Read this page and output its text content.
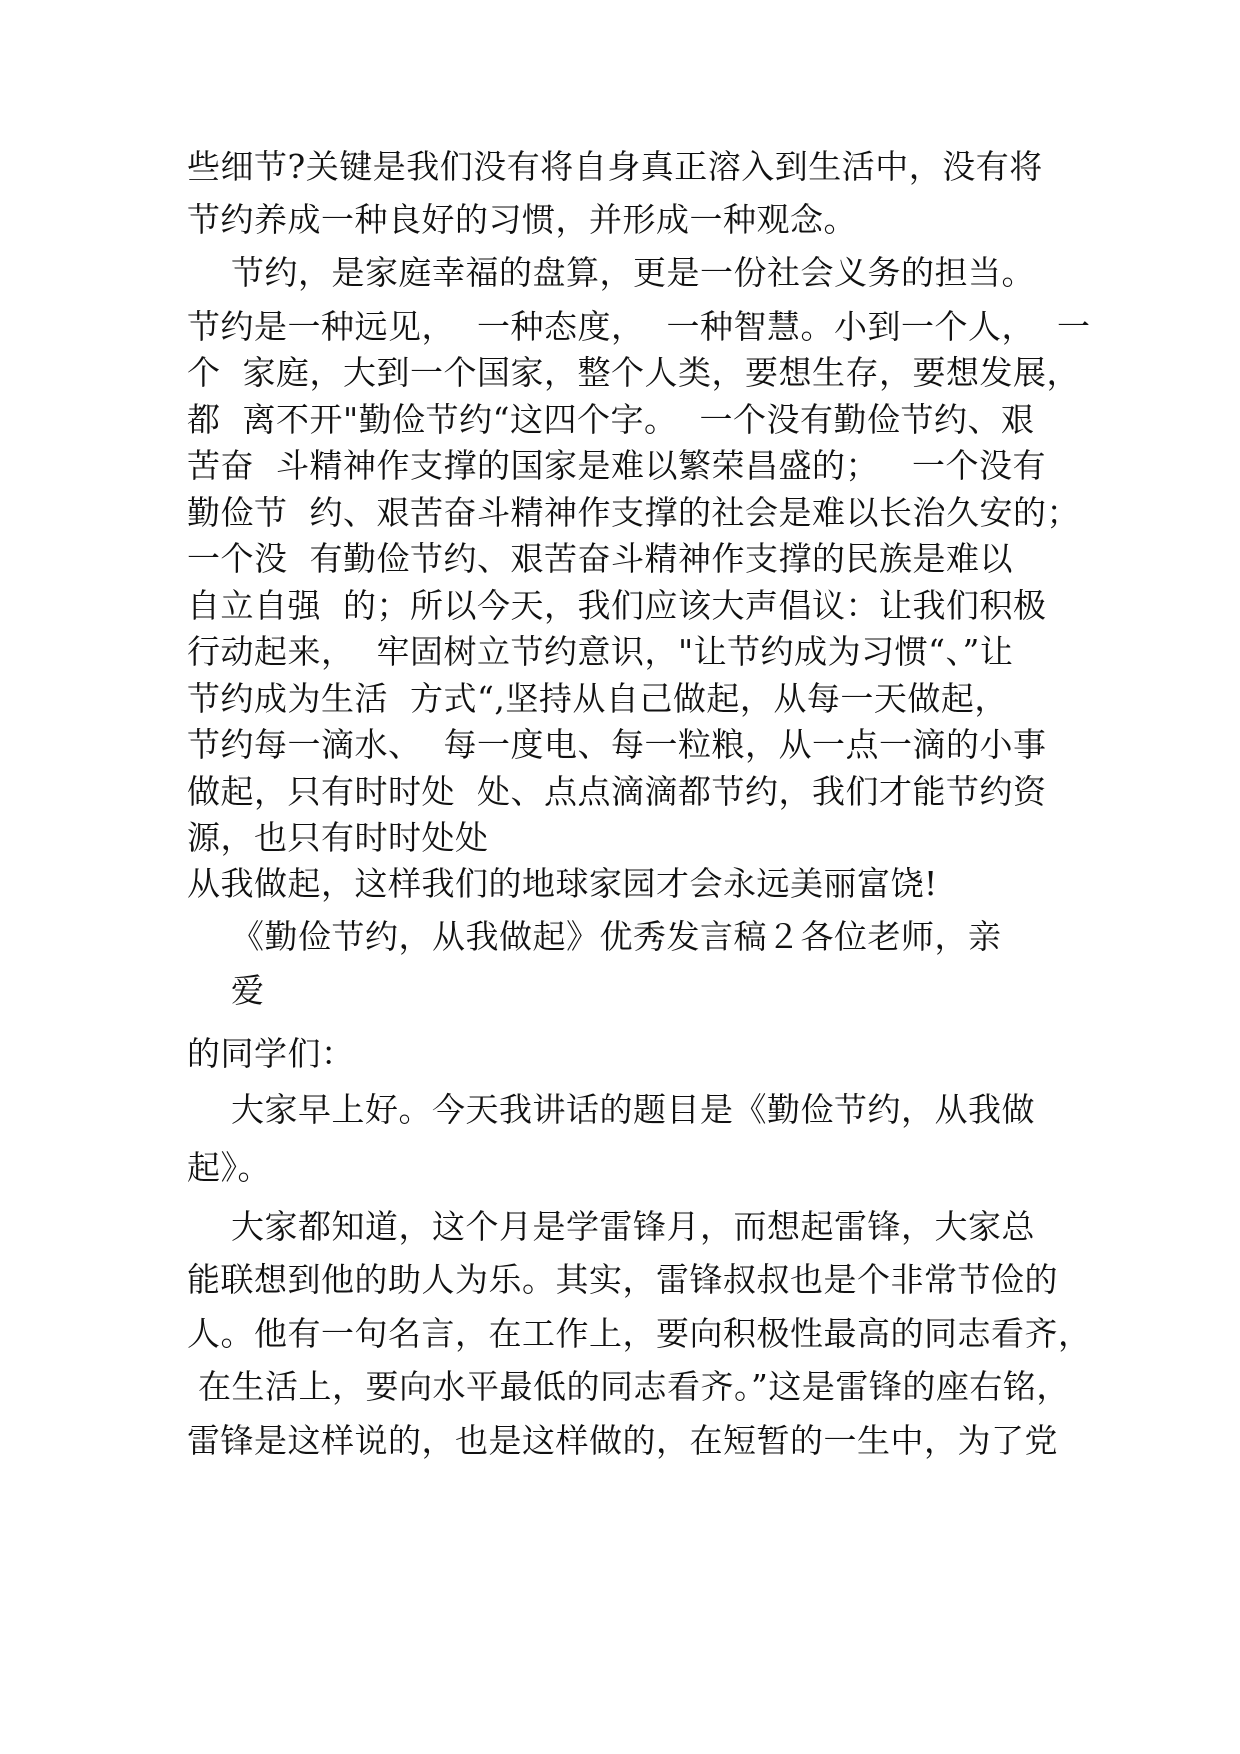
些细节?关键是我们没有将自身真正溶入到生活中，没有将
节约养成一种良好的习惯，并形成一种观念。
节约，是家庭幸福的盘算，更是一份社会义务的担当。
节约是一种远见，  一种态度，  一种智慧。小到一个人，  一
个  家庭，大到一个国家，整个人类，要想生存，要想发展，
都  离不开"勤俭节约“这四个字。  一个没有勤俭节约、艰
苦奋  斗精神作支撑的国家是难以繁荣昌盛的；   一个没有
勤俭节  约、艰苦奋斗精神作支撑的社会是难以长治久安的；
一个没  有勤俭节约、艰苦奋斗精神作支撑的民族是难以
自立自强  的；所以今天，我们应该大声倡议：让我们积极
行动起来，  牢固树立节约意识，"让节约成为习惯“、”让
节约成为生活  方式“,坚持从自己做起，从每一天做起，
节约每一滴水、  每一度电、每一粒粮，从一点一滴的小事
做起，只有时时处  处、点点滴滴都节约，我们才能节约资
源，也只有时时处处
从我做起，这样我们的地球家园才会永远美丽富饶!
《勤俭节约，从我做起》优秀发言稿２各位老师，亲
爱
的同学们：
大家早上好。今天我讲话的题目是《勤俭节约，从我做
起》。
大家都知道，这个月是学雷锋月，而想起雷锋，大家总
能联想到他的助人为乐。其实，雷锋叔叔也是个非常节俭的
人。他有一句名言，在工作上，要向积极性最高的同志看齐，
在生活上，要向水平最低的同志看齐。”这是雷锋的座右铭，
雷锋是这样说的，也是这样做的，在短暂的一生中，为了党
